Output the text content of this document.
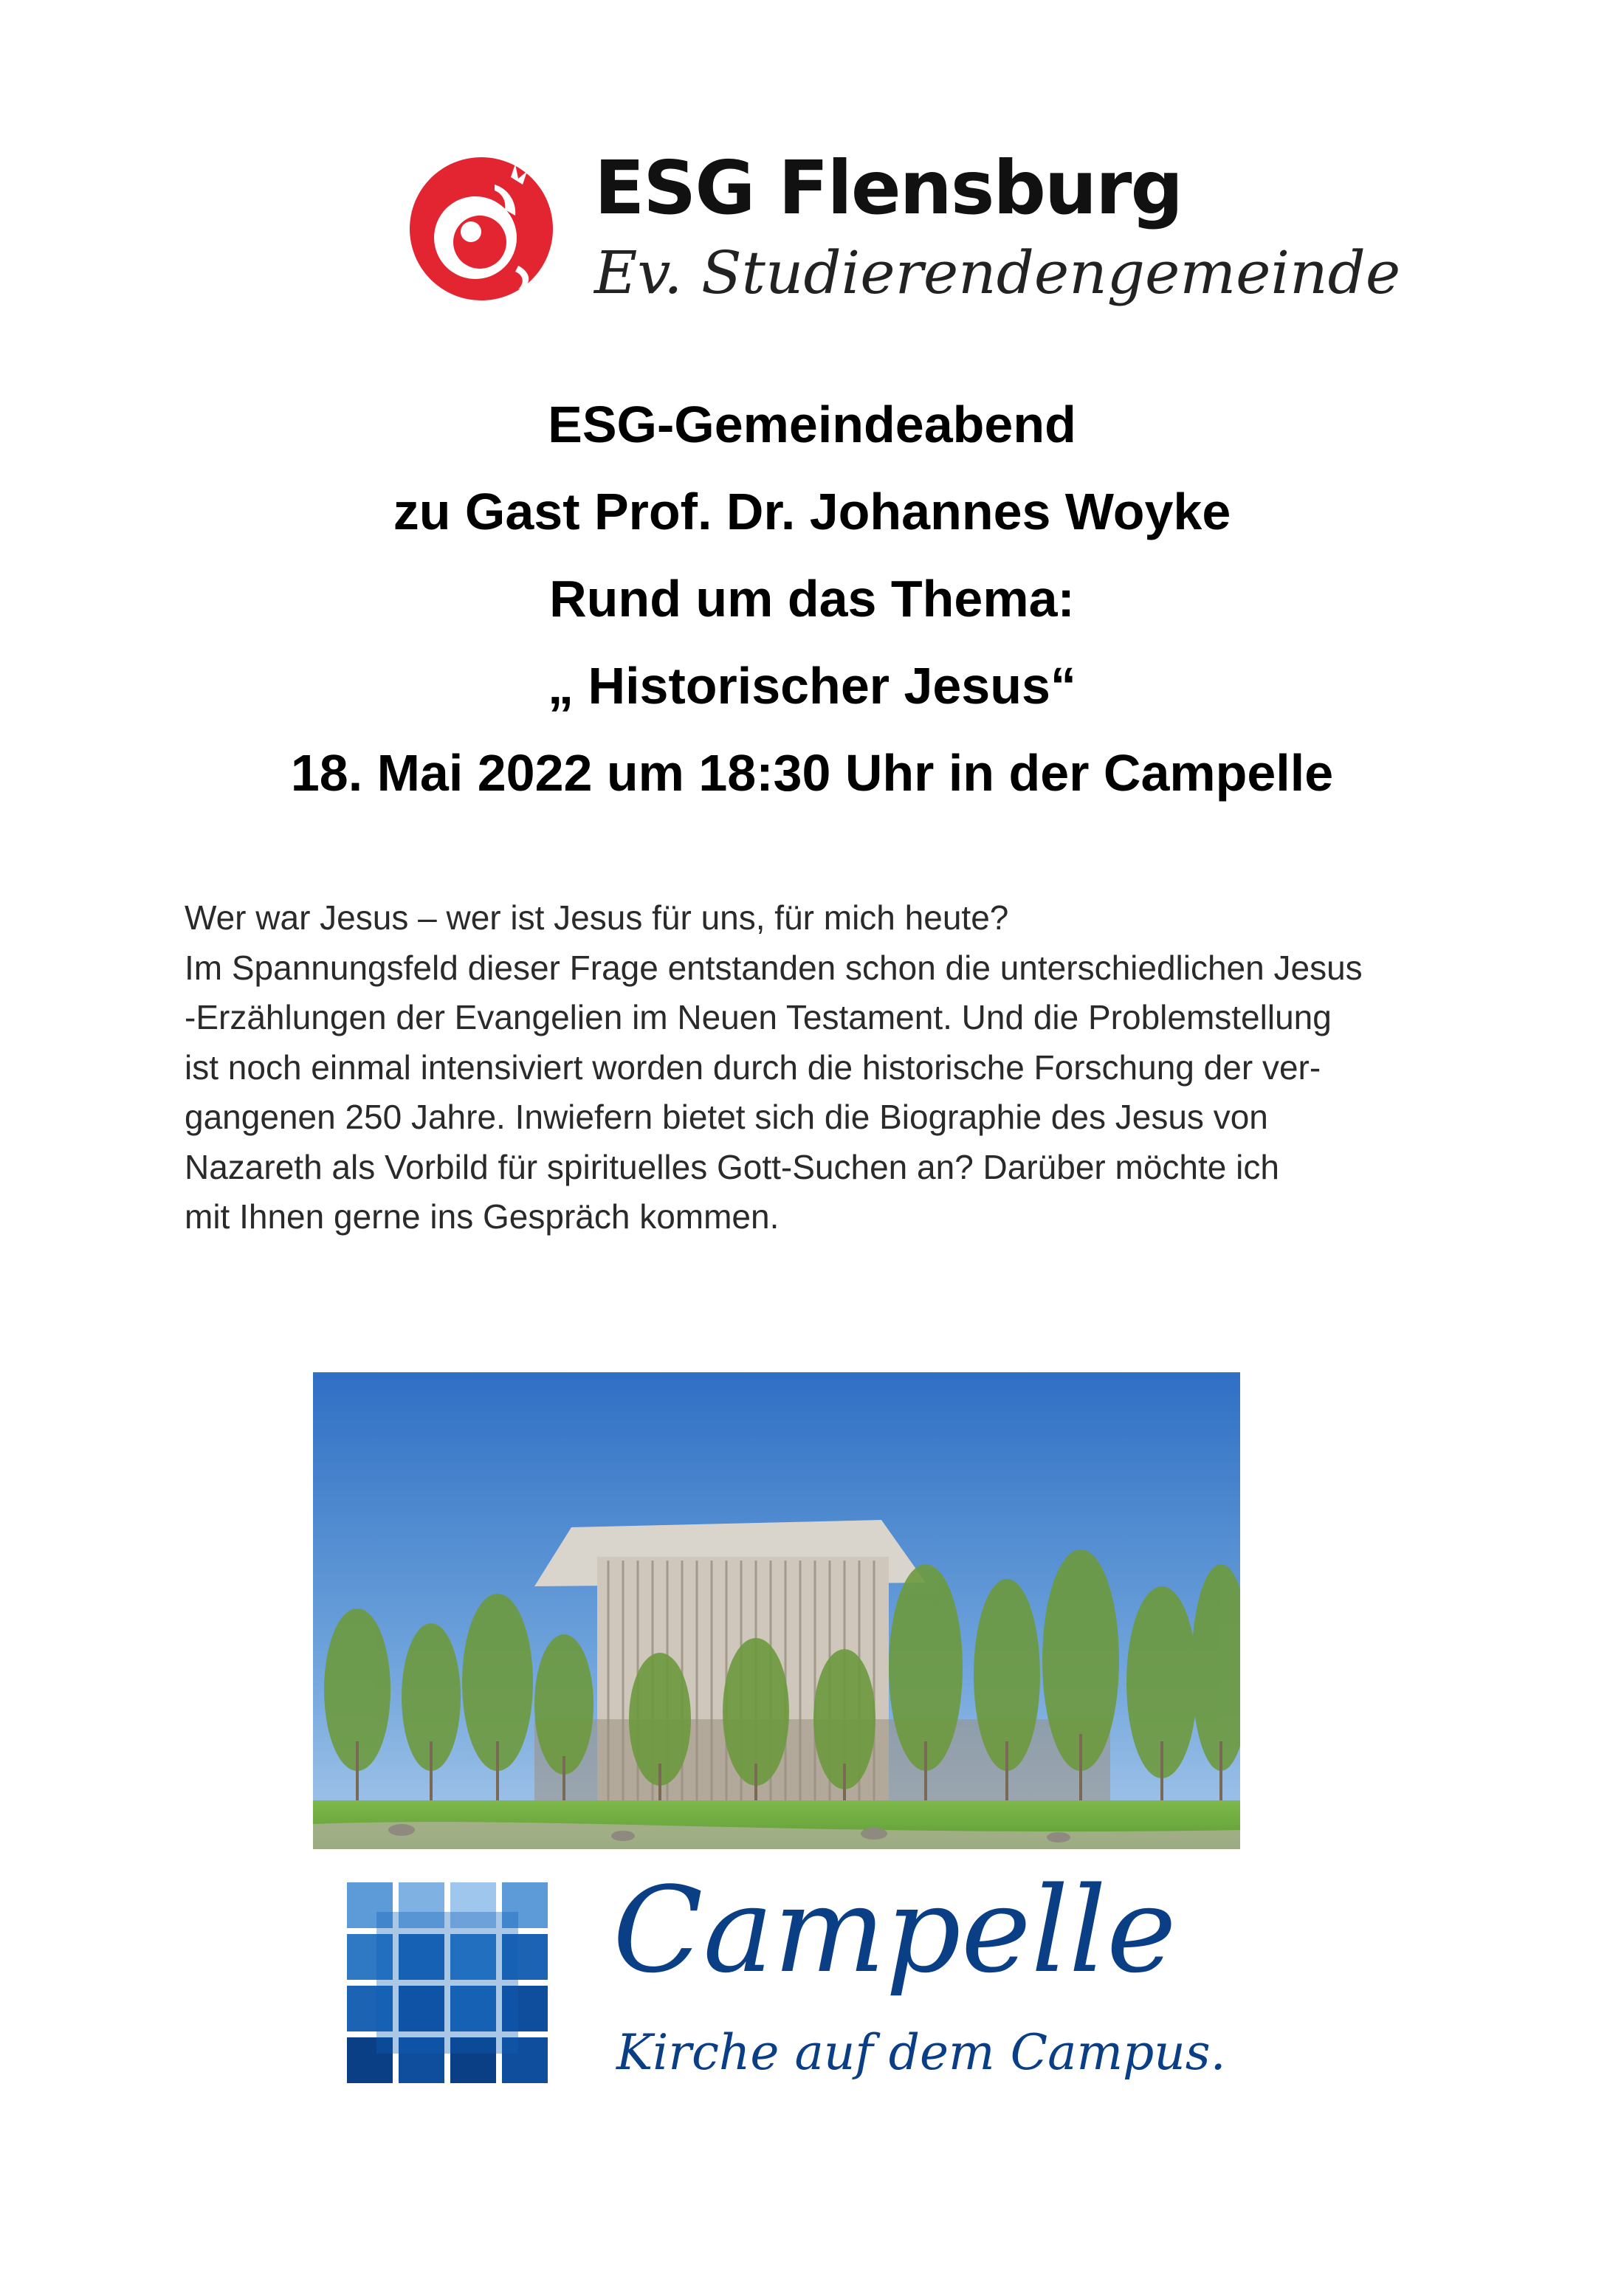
ESG Flensburg
Ev. Studierendengemeinde
ESG-Gemeindeabend
zu Gast Prof. Dr. Johannes Woyke
Rund um das Thema:
„ Historischer Jesus“
18. Mai 2022 um 18:30 Uhr in der Campelle
Wer war Jesus – wer ist Jesus für uns, für mich heute?
Im Spannungsfeld dieser Frage entstanden schon die unterschiedlichen Jesus
-Erzählungen der Evangelien im Neuen Testament. Und die Problemstellung
ist noch einmal intensiviert worden durch die historische Forschung der ver-
gangenen 250 Jahre. Inwiefern bietet sich die Biographie des Jesus von
Nazareth als Vorbild für spirituelles Gott-Suchen an? Darüber möchte ich
mit Ihnen gerne ins Gespräch kommen.
Campelle
Kirche auf dem Campus.
